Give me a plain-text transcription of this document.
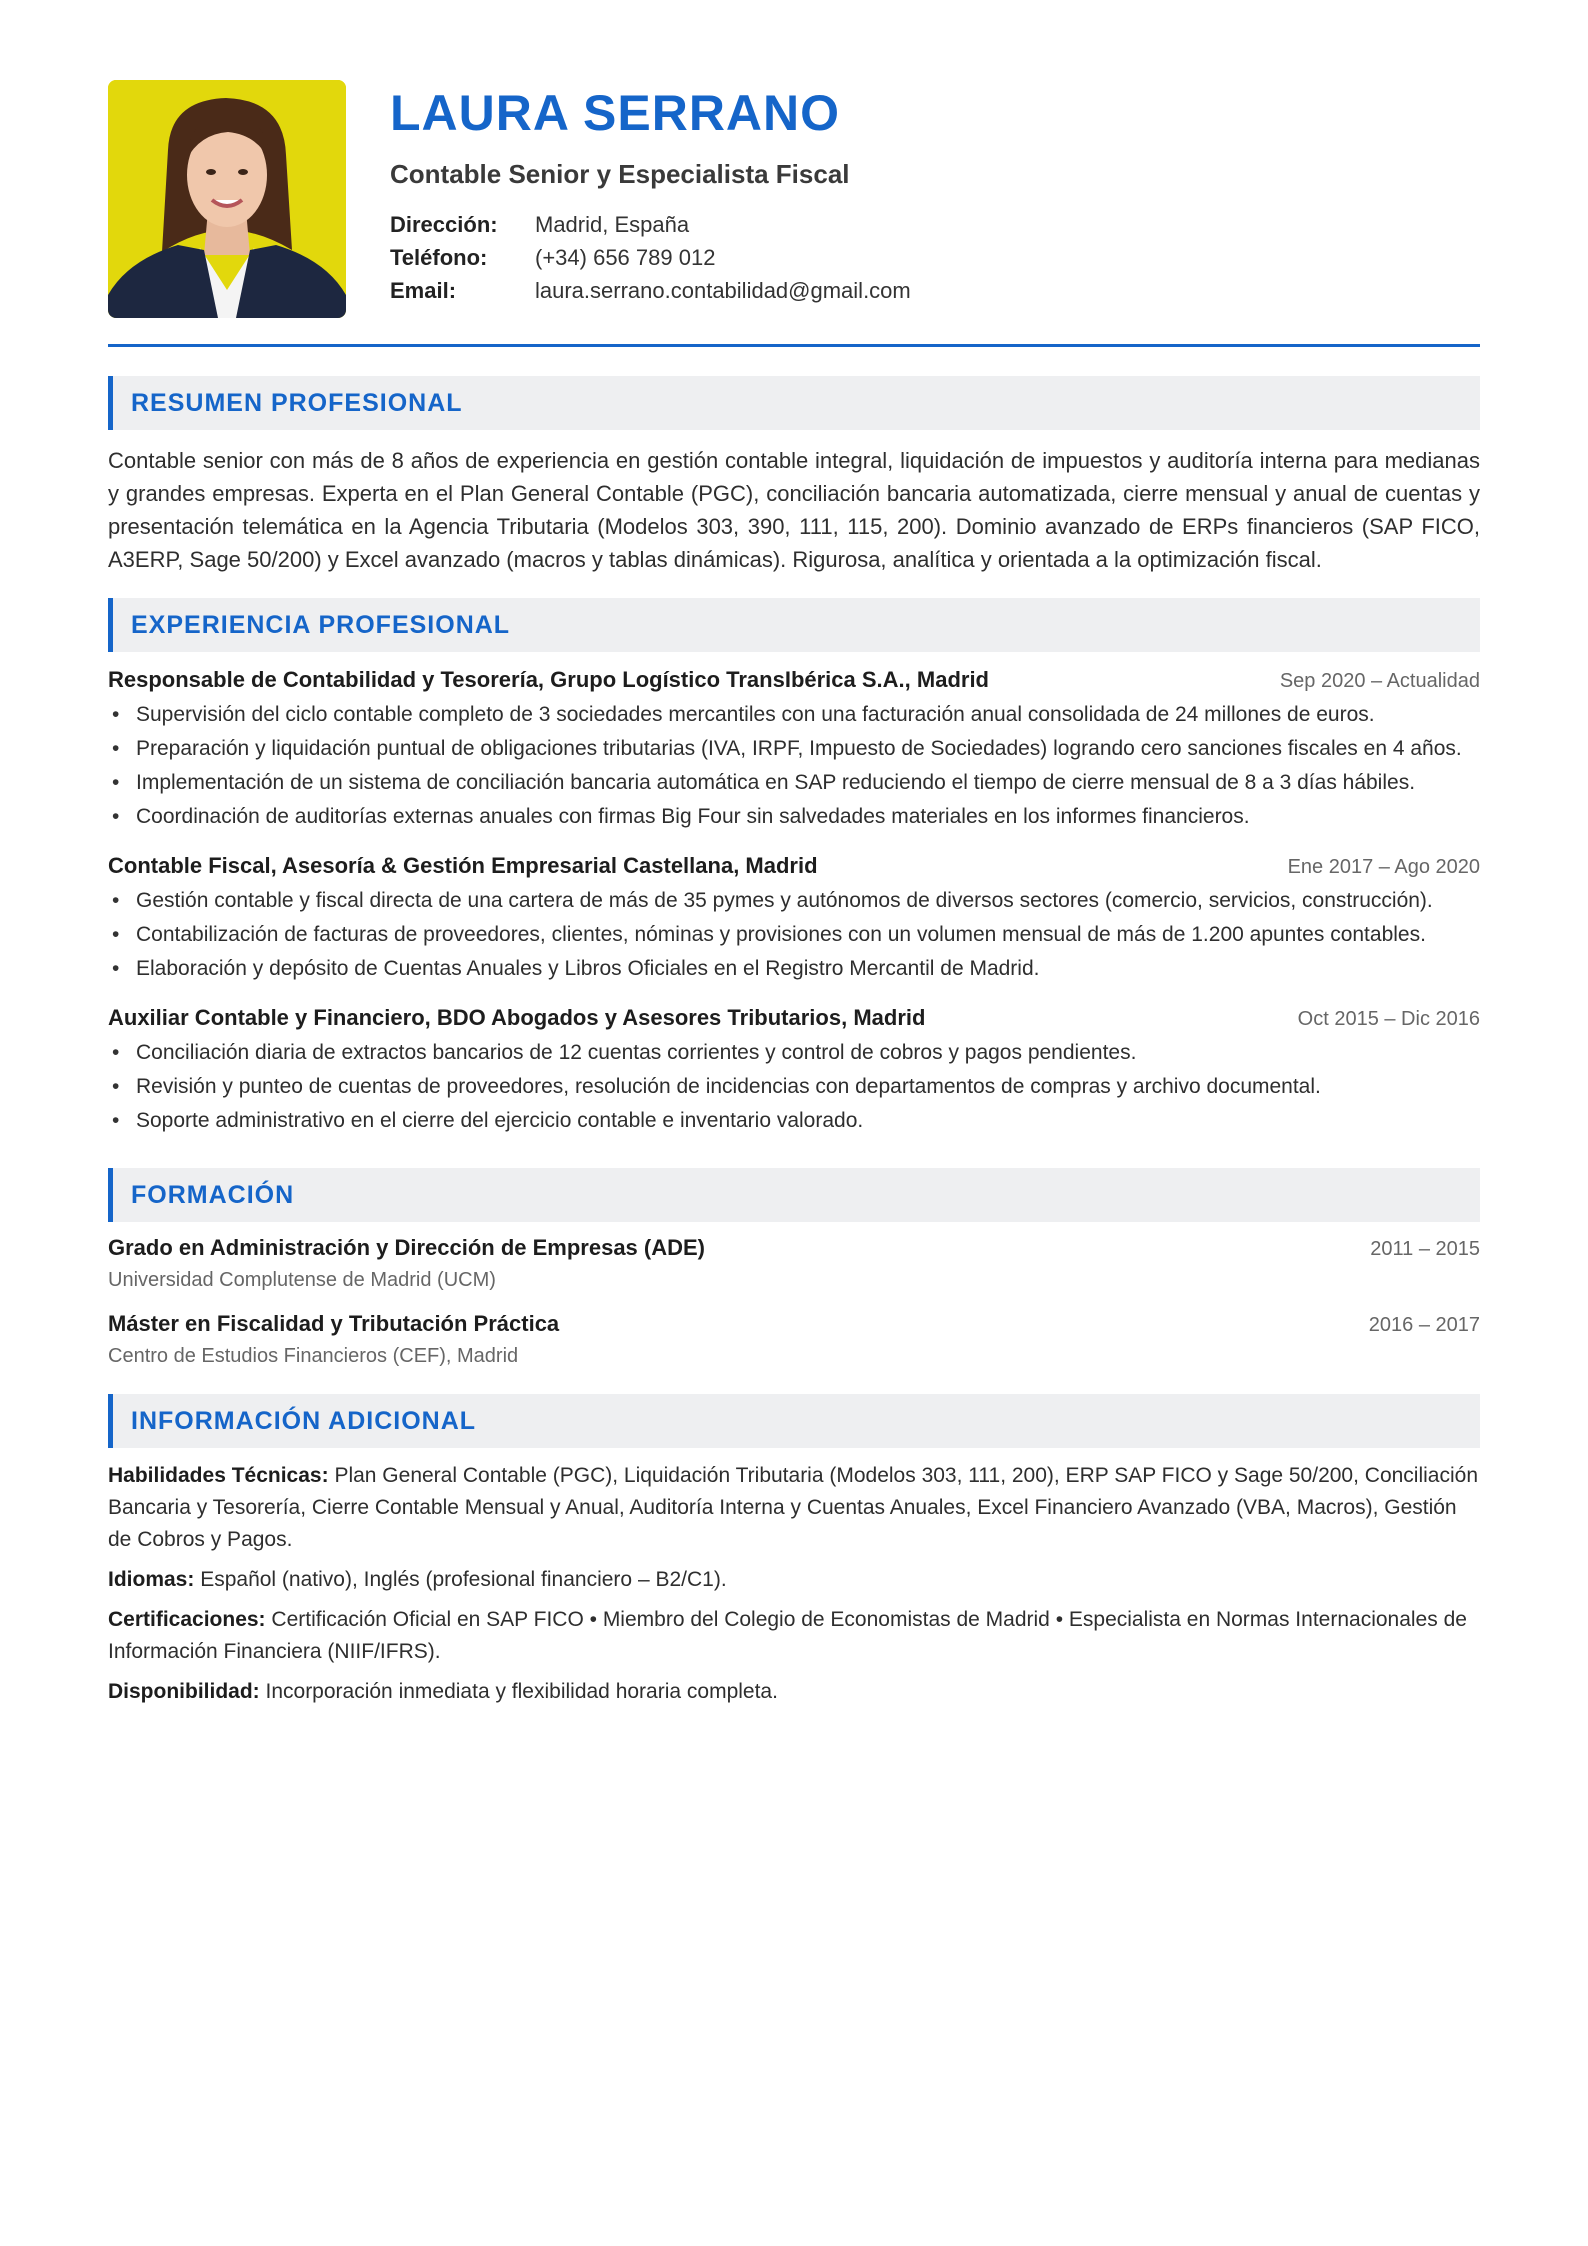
LAURA SERRANO
Contable Senior y Especialista Fiscal
Dirección:	Madrid, España
Teléfono:	(+34) 656 789 012
Email:	laura.serrano.contabilidad@gmail.com
RESUMEN PROFESIONAL

Contable senior con más de 8 años de experiencia en gestión contable integral, liquidación de impuestos y auditoría interna para medianas y grandes empresas. Experta en el Plan General Contable (PGC), conciliación bancaria automatizada, cierre mensual y anual de cuentas y presentación telemática en la Agencia Tributaria (Modelos 303, 390, 111, 115, 200). Dominio avanzado de ERPs financieros (SAP FICO, A3ERP, Sage 50/200) y Excel avanzado (macros y tablas dinámicas). Rigurosa, analítica y orientada a la optimización fiscal.

EXPERIENCIA PROFESIONAL
Responsable de Contabilidad y Tesorería, Grupo Logístico TransIbérica S.A., Madrid	Sep 2020 – Actualidad
• Supervisión del ciclo contable completo de 3 sociedades mercantiles con una facturación anual consolidada de 24 millones de euros.
• Preparación y liquidación puntual de obligaciones tributarias (IVA, IRPF, Impuesto de Sociedades) logrando cero sanciones fiscales en 4 años.
• Implementación de un sistema de conciliación bancaria automática en SAP reduciendo el tiempo de cierre mensual de 8 a 3 días hábiles.
• Coordinación de auditorías externas anuales con firmas Big Four sin salvedades materiales en los informes financieros.
Contable Fiscal, Asesoría & Gestión Empresarial Castellana, Madrid	Ene 2017 – Ago 2020
• Gestión contable y fiscal directa de una cartera de más de 35 pymes y autónomos de diversos sectores (comercio, servicios, construcción).
• Contabilización de facturas de proveedores, clientes, nóminas y provisiones con un volumen mensual de más de 1.200 apuntes contables.
• Elaboración y depósito de Cuentas Anuales y Libros Oficiales en el Registro Mercantil de Madrid.
Auxiliar Contable y Financiero, BDO Abogados y Asesores Tributarios, Madrid	Oct 2015 – Dic 2016
• Conciliación diaria de extractos bancarios de 12 cuentas corrientes y control de cobros y pagos pendientes.
• Revisión y punteo de cuentas de proveedores, resolución de incidencias con departamentos de compras y archivo documental.
• Soporte administrativo en el cierre del ejercicio contable e inventario valorado.
FORMACIÓN
Grado en Administración y Dirección de Empresas (ADE)	2011 – 2015
Universidad Complutense de Madrid (UCM)
Máster en Fiscalidad y Tributación Práctica	2016 – 2017
Centro de Estudios Financieros (CEF), Madrid
INFORMACIÓN ADICIONAL

Habilidades Técnicas: Plan General Contable (PGC), Liquidación Tributaria (Modelos 303, 111, 200), ERP SAP FICO y Sage 50/200, Conciliación Bancaria y Tesorería, Cierre Contable Mensual y Anual, Auditoría Interna y Cuentas Anuales, Excel Financiero Avanzado (VBA, Macros), Gestión de Cobros y Pagos.

Idiomas: Español (nativo), Inglés (profesional financiero – B2/C1).

Certificaciones: Certificación Oficial en SAP FICO • Miembro del Colegio de Economistas de Madrid • Especialista en Normas Internacionales de Información Financiera (NIIF/IFRS).

Disponibilidad: Incorporación inmediata y flexibilidad horaria completa.
